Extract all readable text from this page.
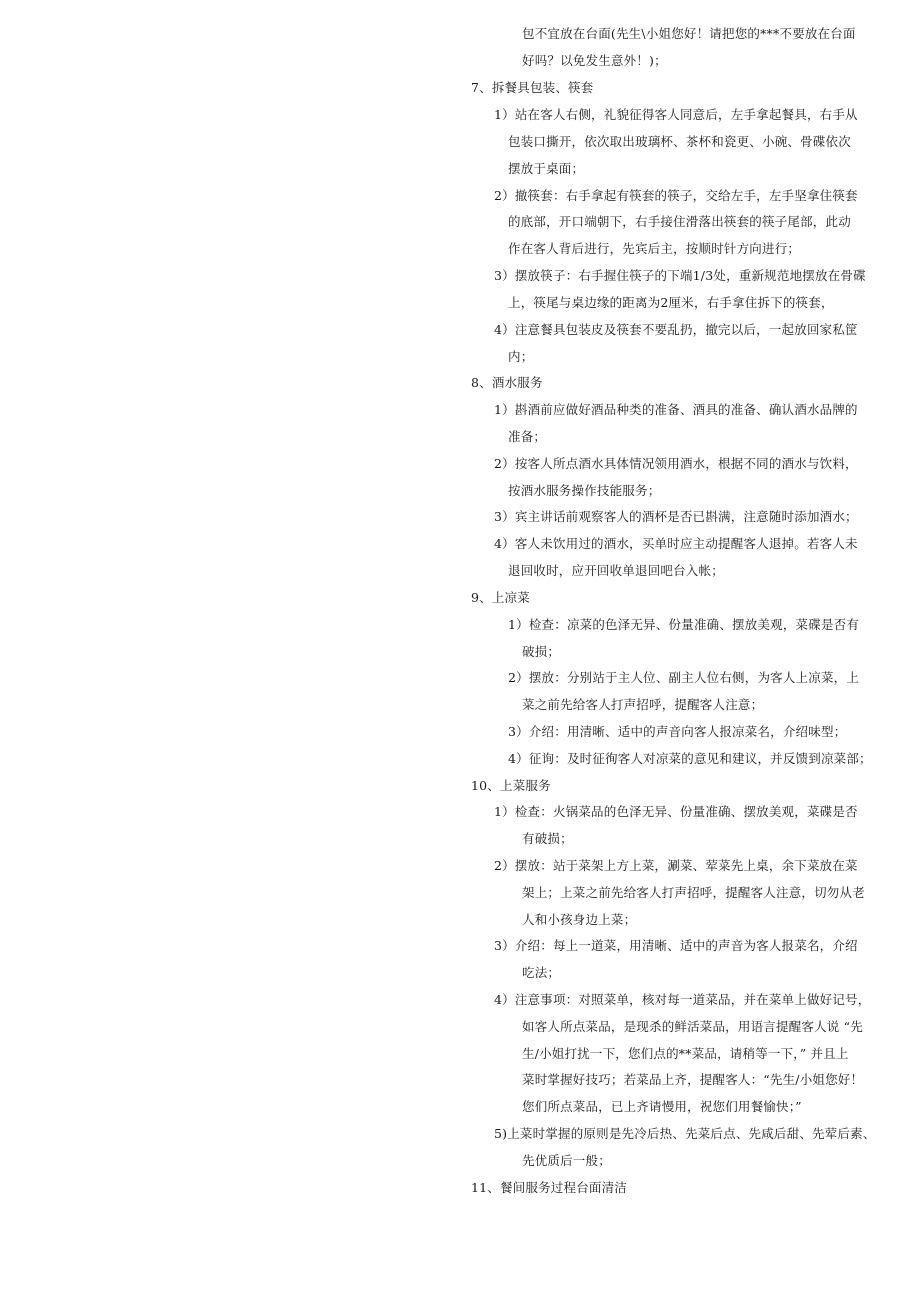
包不宜放在台面(先生\小姐您好！请把您的***不要放在台面
好吗？以免发生意外！)；
7、拆餐具包装、筷套
1）站在客人右侧，礼貌征得客人同意后，左手拿起餐具，右手从
包装口撕开，依次取出玻璃杯、茶杯和瓷更、小碗、骨碟依次
摆放于桌面；
2）撤筷套：右手拿起有筷套的筷子，交给左手，左手坚拿住筷套
的底部，开口端朝下，右手接住滑落出筷套的筷子尾部，此动
作在客人背后进行，先宾后主，按顺时针方向进行；
3）摆放筷子：右手握住筷子的下端1/3处，重新规范地摆放在骨碟
上，筷尾与桌边缘的距离为2厘米，右手拿住拆下的筷套，
4）注意餐具包装皮及筷套不要乱扔，撤完以后，一起放回家私筐
内；
8、酒水服务
1）斟酒前应做好酒品种类的准备、酒具的准备、确认酒水品牌的
准备；
2）按客人所点酒水具体情况领用酒水，根据不同的酒水与饮料，
按酒水服务操作技能服务；
3）宾主讲话前观察客人的酒杯是否已斟满，注意随时添加酒水；
4）客人未饮用过的酒水，买单时应主动提醒客人退掉。若客人未
退回收时，应开回收单退回吧台入帐；
9、上凉菜
1）检查：凉菜的色泽无异、份量准确、摆放美观，菜碟是否有
破损；
2）摆放：分别站于主人位、副主人位右侧，为客人上凉菜，上
菜之前先给客人打声招呼，提醒客人注意；
3）介绍：用清晰、适中的声音向客人报凉菜名，介绍味型；
4）征询：及时征徇客人对凉菜的意见和建议，并反馈到凉菜部；
10、上菜服务
1）检查：火锅菜品的色泽无异、份量准确、摆放美观，菜碟是否
有破损；
2）摆放：站于菜架上方上菜，涮菜、荤菜先上桌，余下菜放在菜
架上；上菜之前先给客人打声招呼，提醒客人注意，切勿从老
人和小孩身边上菜；
3）介绍：每上一道菜，用清晰、适中的声音为客人报菜名，介绍
吃法；
4）注意事项：对照菜单，核对每一道菜品，并在菜单上做好记号，
如客人所点菜品，是现杀的鲜活菜品，用语言提醒客人说 “先
生/小姐打扰一下，您们点的**菜品，请稍等一下，” 并且上
菜时掌握好技巧；若菜品上齐，提醒客人：“先生/小姐您好！
您们所点菜品，已上齐请慢用，祝您们用餐愉快；”
5)上菜时掌握的原则是先冷后热、先菜后点、先咸后甜、先荤后素、
先优质后一般；
11、餐间服务过程台面清洁
